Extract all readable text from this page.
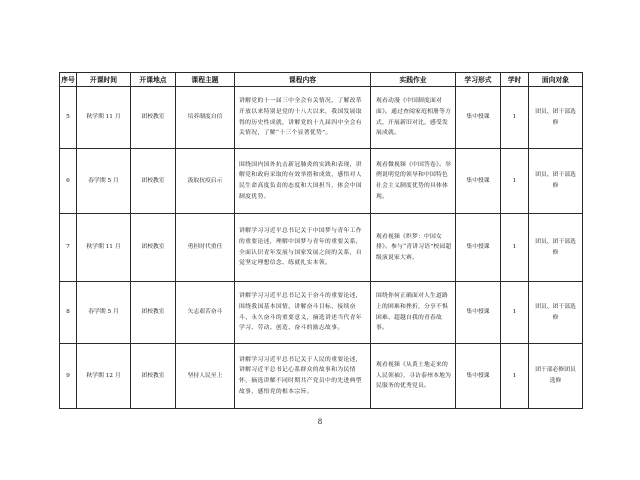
序号	开课时间	开课地点	课程主题	课程内容	实践作业	学习形式	学时	面向对象
5	秋学期 11 月	团校教室	培养制度自信	讲解党的十一届三中全会有关情况，了解改革开放以来特别是党的十八大以来，我国发展取得的历史性成就，讲解党的十九届四中全会有关情况，了解“十三个显著优势”。	观看动漫《中国制度面对面》。通过查阅家庭相册等方式，开展新旧对比，感受发展成就。	集中授课	1	团员、团干部选修
6	春学期 5 月	团校教室	汲取抗疫启示	围绕国内国外抗击新冠肺炎的实践和表现，讲解党和政府采取的有效举措和成效，感悟对人民生命高度负责的态度和大国担当，体会中国制度优势。	观看微视频《中国答卷》。举例说明党的领导和中国特色社会主义制度优势的具体体现。	集中授课	1	团员、团干部选修
7	秋学期 11 月	团校教室	勇担时代重任	讲解学习习近平总书记关于中国梦与青年工作的重要论述，理解中国梦与青年的重要关系，全面认识青年发展与国家发展之间的关系，自觉坚定理想信念、练就扎实本领。	观看视频《织梦：中国女排》。参与“青讲习语”校园超级演说家大赛。	集中授课	1	团员、团干部选修
8	春学期 5 月	团校教室	矢志艰苦奋斗	讲解学习习近平总书记关于奋斗的重要论述，围绕我国基本国情，讲解奋斗目标，接续奋斗、永久奋斗的重要意义，摘选讲述当代青年学习、劳动、创造、奋斗的励志故事。	围绕你何正确面对人生道路上的困难和挫折，分享不惧困难、超越自我的青春故事。	集中授课	1	团员、团干部选修
9	秋学期 12 月	团校教室	坚持人民至上	讲解学习习近平总书记关于人民的重要论述，讲解习近平总书记心系群众的故事和为民情怀，摘选讲解不同时期共产党员中的先进典型故事，感悟党的根本宗旨。	观看视频《从黄土地走来的人民领袖》，寻访泰州本地为民服务的优秀党员。	集中授课	1	团干部必修团员选修
8
